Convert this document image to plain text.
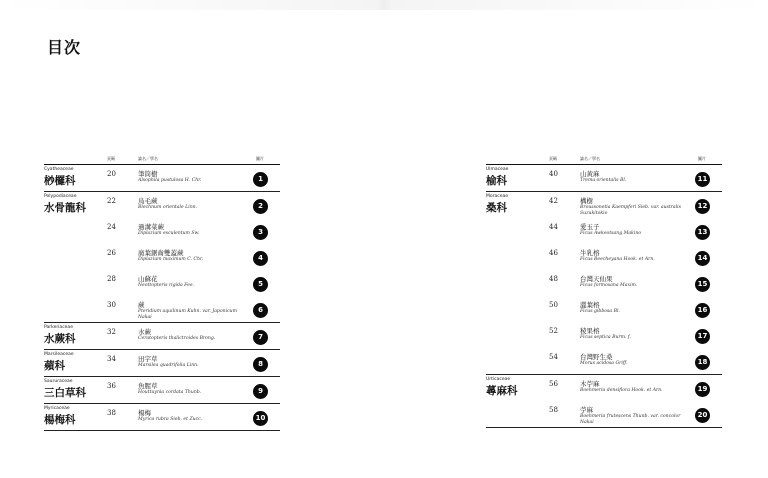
目次
頁碼	論名／學名	圖片
Cyatheaceae
桫欏科
20	筆筒樹
Alsophila pustulosa H. Chr.	1
Polypodiaceae
水骨龍科
22	烏毛蕨
Blechnum orientale Linn.	2
24	過溝菜蕨
Diplazium esculentum Sw.	3
26	廣葉鋸齒雙蓋蕨
Diplazium maximum C. Chr.	4
28	山蘇花
Neottopteris rigida Fee.	5
30	蕨
Pteridium aquilinum Kuhn. var. Japonicum Nakai
6
Parkeriaceae
水蕨科
32	水蕨
Ceratopteris thalictroides Brong.	7
Marsileaceae
蘋科
34	田字草
Marsilea quadrifolia Linn.	8
Saururaceae
三白草科
36	魚腥草
Houttuynia cordata Thunb.	9
Myricaceae
楊梅科
38	楊梅
Myrica rubra Sieb. et Zucc.	10
頁碼	論名／學名	圖片
Ulmaceae
榆科
40	山黃麻
Trema orientalis Bl.	11
Moraceae
桑科
42	構樹
Broussonetia Kaempferi Sieb. var. australis Suzukitokio
12
44	愛玉子
Ficus Awkeotsang Makino	13
46	牛乳榕
Ficus Beecheyana Hook. et Arn.	14
48	台灣天仙果
Ficus formosana Maxim.	15
50	澀葉榕
Ficus gibbosa Bl.	16
52	稜果榕
Ficus septica Burm. f.	17
54	台灣野生桑
Morus acidosa Griff.	18
Urticaceae
蕁麻科
56	木苧麻
Boehmeria densiflora Hook. et Arn.	19
58	苧麻
Boehmeria frutescens Thunb. var. concolor Nakai
20
